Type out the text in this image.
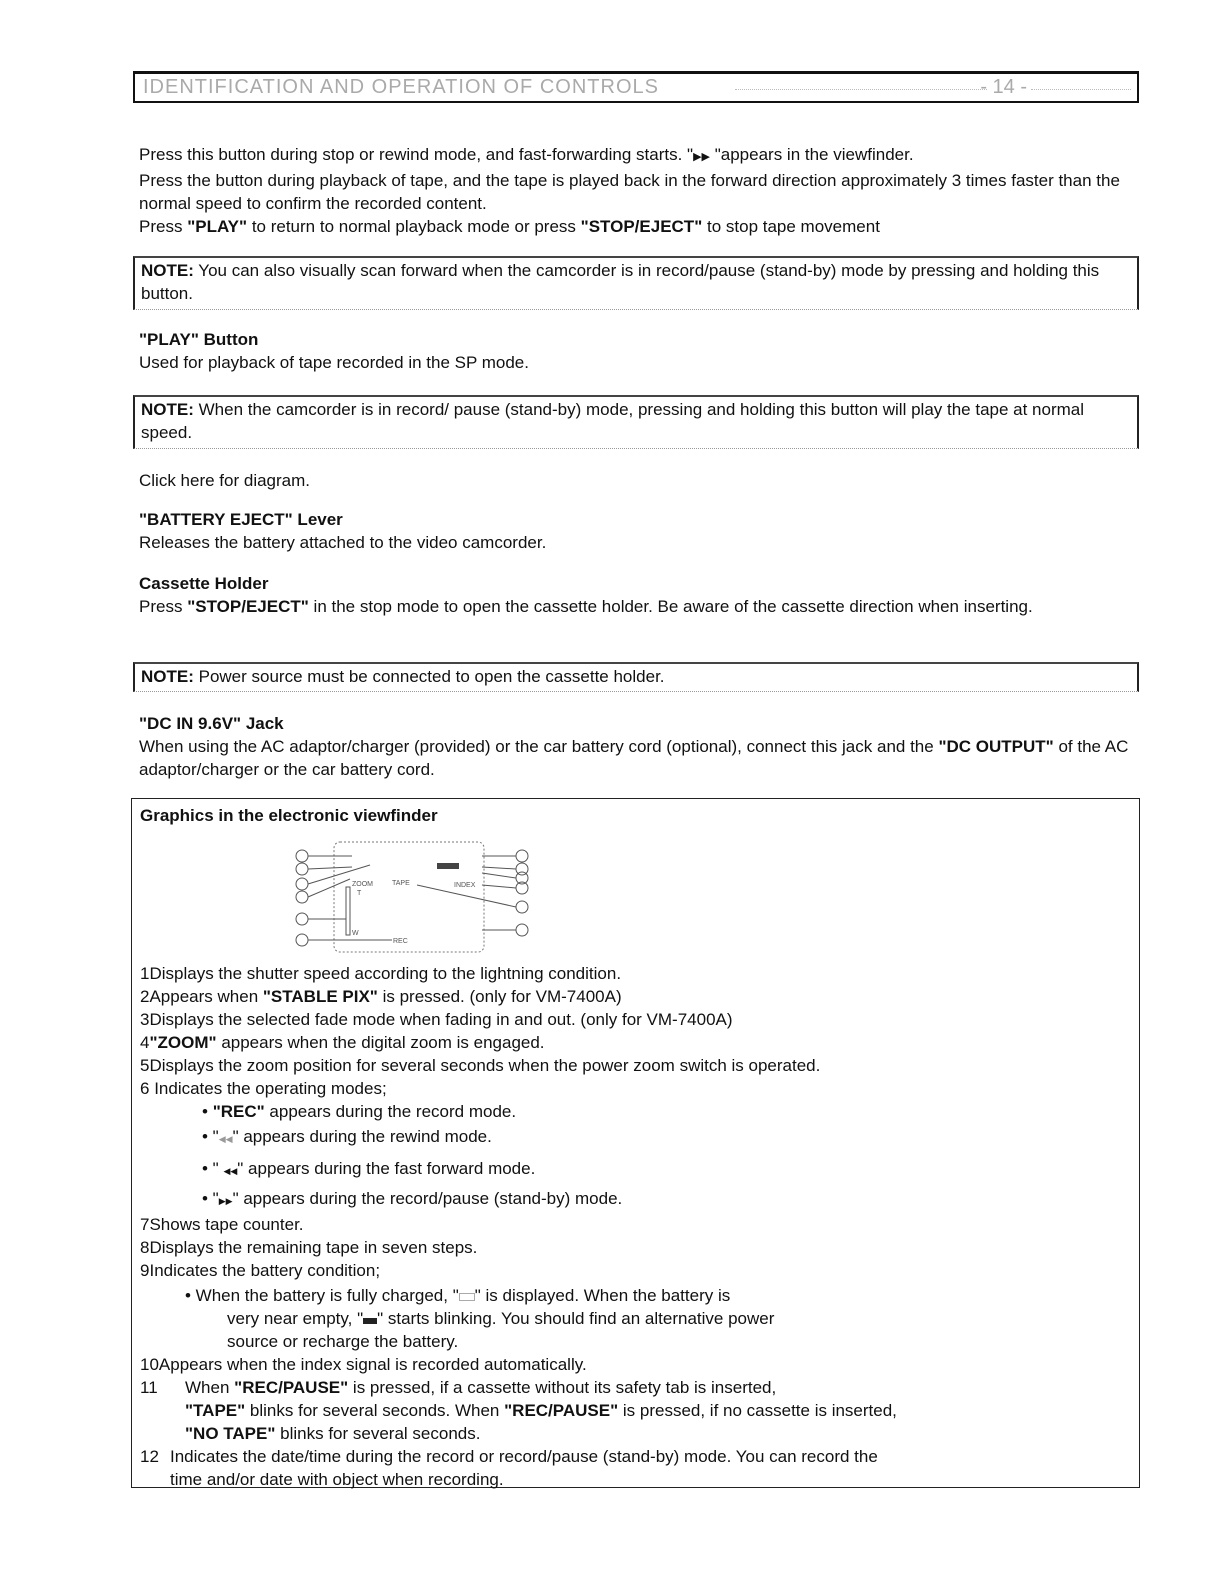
IDENTIFICATION AND OPERATION OF CONTROLS	- 14 -
Press this button during stop or rewind mode, and fast-forwarding starts. "▶▶ "appears in the viewfinder.
Press the button during playback of tape, and the tape is played back in the forward direction approximately 3 times faster than the normal speed to confirm the recorded content.
Press "PLAY" to return to normal playback mode or press "STOP/EJECT" to stop tape movement
NOTE: You can also visually scan forward when the camcorder is in record/pause (stand-by) mode by pressing and holding this button.
"PLAY" Button
Used for playback of tape recorded in the SP mode.
NOTE: When the camcorder is in record/ pause (stand-by) mode, pressing and holding this button will play the tape at normal speed.
Click here for diagram.
"BATTERY EJECT" Lever
Releases the battery attached to the video camcorder.
Cassette Holder
Press "STOP/EJECT" in the stop mode to open the cassette holder. Be aware of the cassette direction when inserting.
NOTE: Power source must be connected to open the cassette holder.
"DC IN 9.6V" Jack
When using the AC adaptor/charger (provided) or the car battery cord (optional), connect this jack and the "DC OUTPUT" of the AC adaptor/charger or the car battery cord.
Graphics in the electronic viewfinder
ZOOM
T
W
TAPE
REC
INDEX
1Displays the shutter speed according to the lightning condition.
2Appears when "STABLE PIX" is pressed. (only for VM-7400A)
3Displays the selected fade mode when fading in and out. (only for VM-7400A)
4"ZOOM" appears when the digital zoom is engaged.
5Displays the zoom position for several seconds when the power zoom switch is operated.
6 Indicates the operating modes;
• "REC" appears during the record mode.
• "◀◀" appears during the rewind mode.
• " ◀◀" appears during the fast forward mode.
• "▶▶" appears during the record/pause (stand-by) mode.
7Shows tape counter.
8Displays the remaining tape in seven steps.
9Indicates the battery condition;
• When the battery is fully charged, " " is displayed. When the battery is
very near empty, " " starts blinking. You should find an alternative power
source or recharge the battery.
10Appears when the index signal is recorded automatically.
11 When "REC/PAUSE" is pressed, if a cassette without its safety tab is inserted,
"TAPE" blinks for several seconds. When "REC/PAUSE" is pressed, if no cassette is inserted,
"NO TAPE" blinks for several seconds.
12 Indicates the date/time during the record or record/pause (stand-by) mode. You can record the
time and/or date with object when recording.
